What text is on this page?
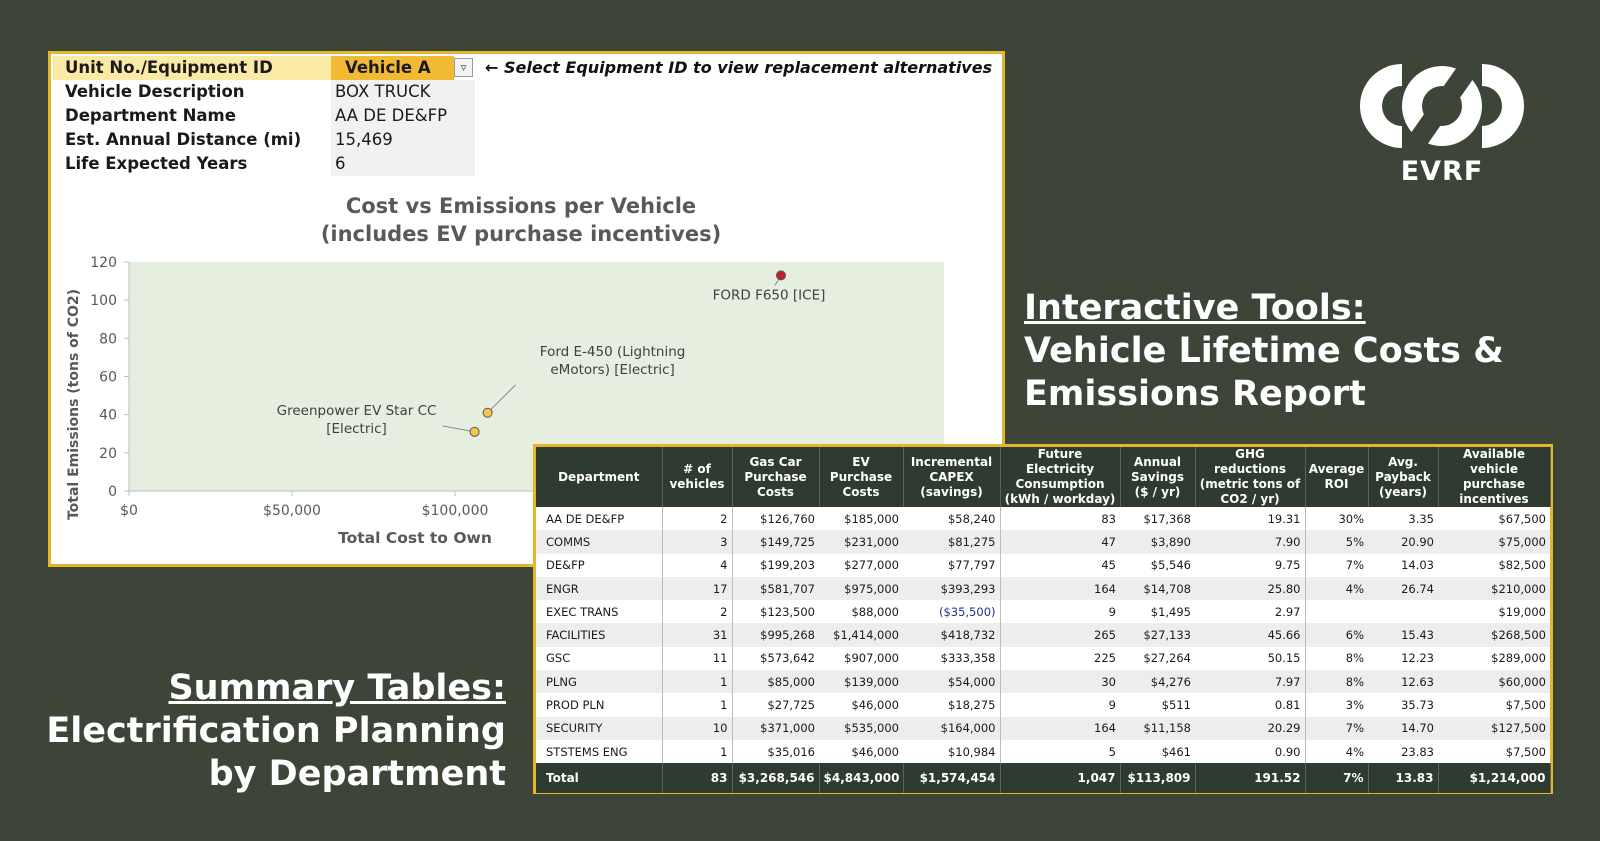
Unit No./Equipment ID	Vehicle A	▿	← Select Equipment ID to view replacement alternatives
Vehicle Description	BOX TRUCK
Department Name	AA DE DE&FP
Est. Annual Distance (mi)	15,469
Life Expected Years	6
Cost vs Emissions per Vehicle
(includes EV purchase incentives)
0
20
40
60
80
100
120
$0	$50,000	$100,000
Total Cost to Own
Total Emissions (tons of CO2)	Greenpower EV Star CC
[Electric]
Ford E-450 (Lightning
eMotors) [Electric]
FORD F650 [ICE]
EVRF
Interactive Tools:
Vehicle Lifetime Costs &
Emissions Report
Summary Tables:
Electrification Planning
by Department
Department	# of vehicles	Gas Car Purchase Costs	EV Purchase Costs	Incremental CAPEX (savings)	Future Electricity Consumption (kWh / workday)	Annual Savings ($ / yr)	GHG reductions (metric tons of CO2 / yr)	Average ROI	Avg. Payback (years)	Available vehicle purchase incentives
AA DE DE&FP	2	$126,760	$185,000	$58,240	83	$17,368	19.31	30%	3.35	$67,500
COMMS	3	$149,725	$231,000	$81,275	47	$3,890	7.90	5%	20.90	$75,000
DE&FP	4	$199,203	$277,000	$77,797	45	$5,546	9.75	7%	14.03	$82,500
ENGR	17	$581,707	$975,000	$393,293	164	$14,708	25.80	4%	26.74	$210,000
EXEC TRANS	2	$123,500	$88,000	($35,500)	9	$1,495	2.97			$19,000
FACILITIES	31	$995,268	$1,414,000	$418,732	265	$27,133	45.66	6%	15.43	$268,500
GSC	11	$573,642	$907,000	$333,358	225	$27,264	50.15	8%	12.23	$289,000
PLNG	1	$85,000	$139,000	$54,000	30	$4,276	7.97	8%	12.63	$60,000
PROD PLN	1	$27,725	$46,000	$18,275	9	$511	0.81	3%	35.73	$7,500
SECURITY	10	$371,000	$535,000	$164,000	164	$11,158	20.29	7%	14.70	$127,500
STSTEMS ENG	1	$35,016	$46,000	$10,984	5	$461	0.90	4%	23.83	$7,500
Total	83	$3,268,546	$4,843,000	$1,574,454	1,047	$113,809	191.52	7%	13.83	$1,214,000
